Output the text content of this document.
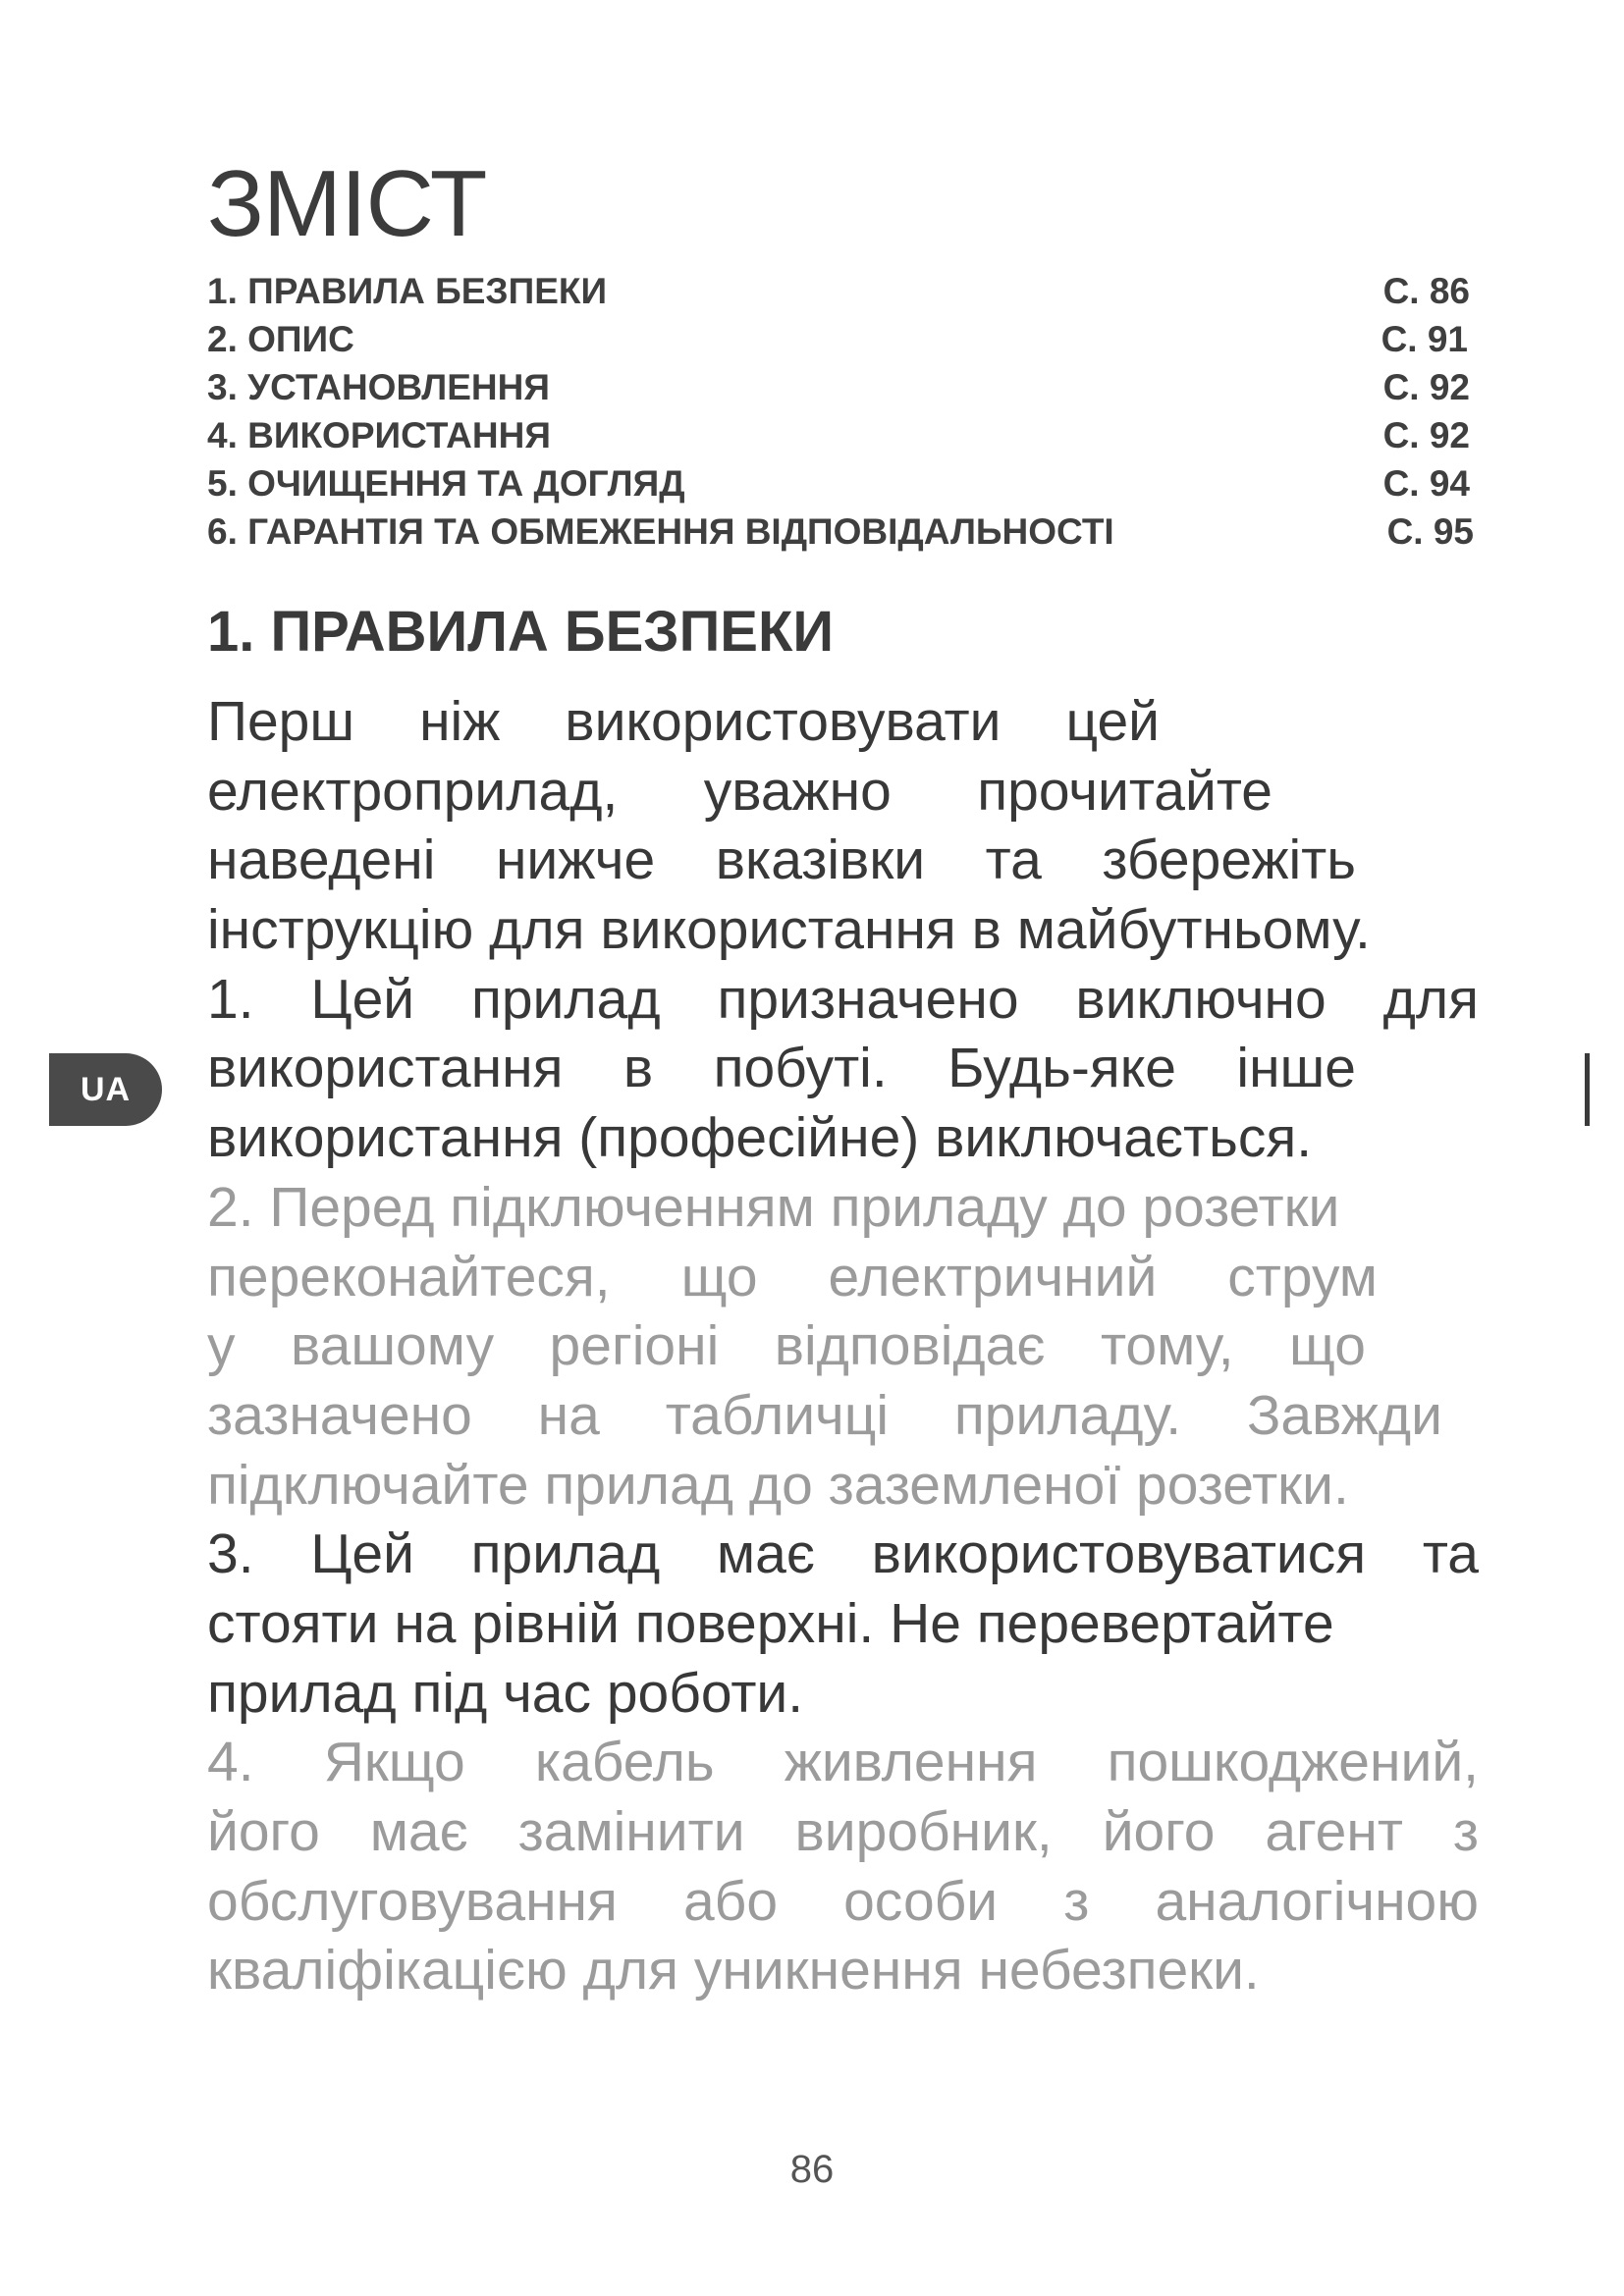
ЗМІСТ
1. ПРАВИЛА БЕЗПЕКИ	С. 86
2. ОПИС	С. 91
3. УСТАНОВЛЕННЯ	С. 92
4. ВИКОРИСТАННЯ	С. 92
5. ОЧИЩЕННЯ ТА ДОГЛЯД	С. 94
6. ГАРАНТІЯ ТА ОБМЕЖЕННЯ ВІДПОВІДАЛЬНОСТІ	С. 95
1. ПРАВИЛА БЕЗПЕКИ
Перш ніж використовувати цей
електроприлад, уважно прочитайте
наведені нижче вказівки та збережіть
інструкцію для використання в майбутньому.
1. Цей прилад призначено виключно для
використання в побуті. Будь-яке інше
використання (професійне) виключається.
2. Перед підключенням приладу до розетки
переконайтеся, що електричний струм
у вашому регіоні відповідає тому, що
зазначено на табличці приладу. Завжди
підключайте прилад до заземленої розетки.
3. Цей прилад має використовуватися та
стояти на рівній поверхні. Не перевертайте
прилад під час роботи.
4. Якщо кабель живлення пошкоджений,
його має замінити виробник, його агент з
обслуговування або особи з аналогічною
кваліфікацією для уникнення небезпеки.
UA
86
